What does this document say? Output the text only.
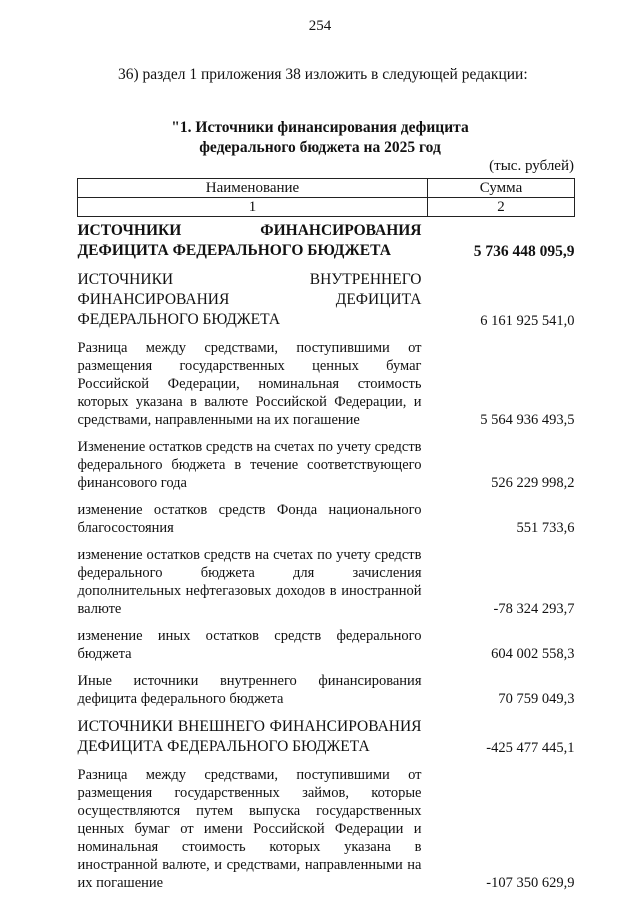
254
36) раздел 1 приложения 38 изложить в следующей редакции:
"1. Источники финансирования дефицита
федерального бюджета на 2025 год
(тыс. рублей)
Наименование	Сумма
1	2
ИСТОЧНИКИ ФИНАНСИРОВАНИЯ ДЕФИЦИТА ФЕДЕРАЛЬНОГО БЮДЖЕТА	5 736 448 095,9
ИСТОЧНИКИ ВНУТРЕННЕГО ФИНАНСИРОВАНИЯ ДЕФИЦИТА ФЕДЕРАЛЬНОГО БЮДЖЕТА	6 161 925 541,0
Разница между средствами, поступившими от размещения государственных ценных бумаг Российской Федерации, номинальная стоимость которых указана в валюте Российской Федерации, и средствами, направленными на их погашение	5 564 936 493,5
Изменение остатков средств на счетах по учету средств федерального бюджета в течение соответствующего финансового года	526 229 998,2
изменение остатков средств Фонда национального благосостояния	551 733,6
изменение остатков средств на счетах по учету средств федерального бюджета для зачисления дополнительных нефтегазовых доходов в иностранной валюте	-78 324 293,7
изменение иных остатков средств федерального бюджета	604 002 558,3
Иные источники внутреннего финансирования дефицита федерального бюджета	70 759 049,3
ИСТОЧНИКИ ВНЕШНЕГО ФИНАНСИРОВАНИЯ ДЕФИЦИТА ФЕДЕРАЛЬНОГО БЮДЖЕТА	-425 477 445,1
Разница между средствами, поступившими от размещения государственных займов, которые осуществляются путем выпуска государственных ценных бумаг от имени Российской Федерации и номинальная стоимость которых указана в иностранной валюте, и средствами, направленными на их погашение	-107 350 629,9
